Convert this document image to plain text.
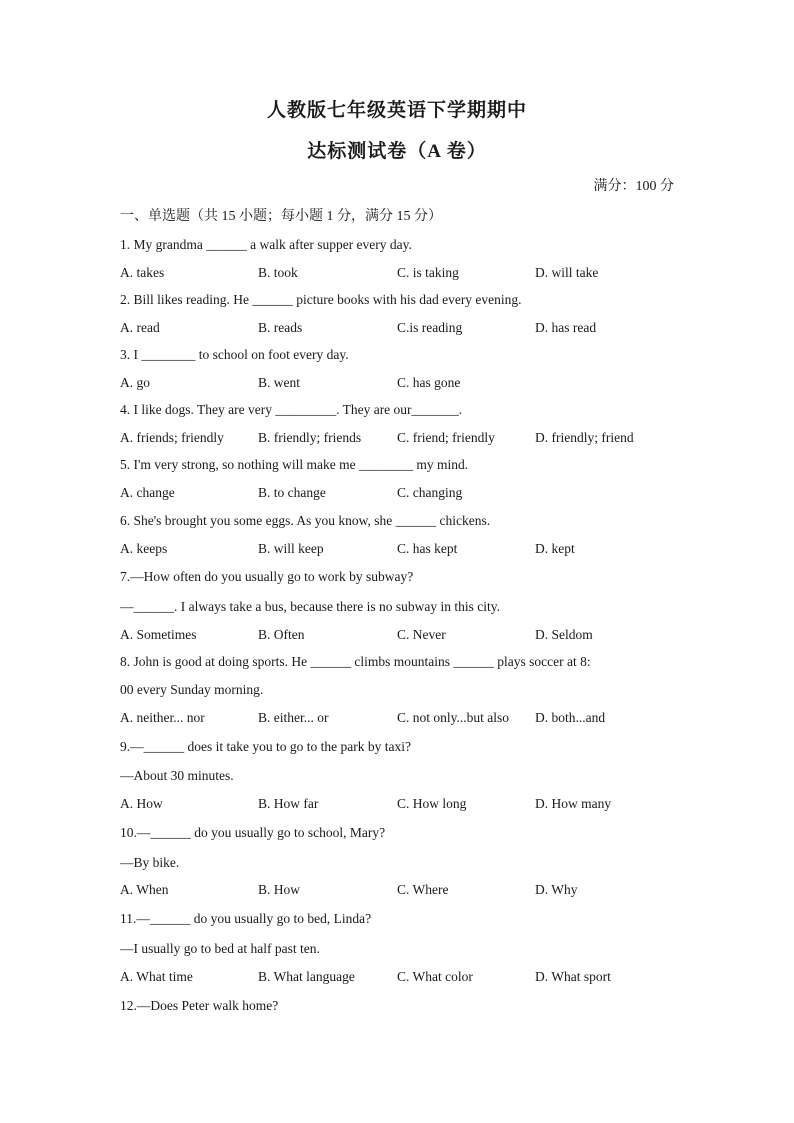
人教版七年级英语下学期期中
达标测试卷（A 卷）
满分：100 分
一、单选题（共 15 小题；每小题 1 分，满分 15 分）
1. My grandma ______ a walk after supper every day.
A. takes	B. took	C. is taking	D. will take
2. Bill likes reading. He ______ picture books with his dad every evening.
A. read	B. reads	C.is reading	D. has read
3. I ________ to school on foot every day.
A. go	B. went	C. has gone
4. I like dogs. They are very _________. They are our_______.
A. friends; friendly	B. friendly; friends	C. friend; friendly	D. friendly; friend
5. I'm very strong, so nothing will make me ________ my mind.
A. change	B. to change	C. changing
6. She's brought you some eggs. As you know, she ______ chickens.
A. keeps	B. will keep	C. has kept	D. kept
7.—How often do you usually go to work by subway?
—______. I always take a bus, because there is no subway in this city.
A. Sometimes	B. Often	C. Never	D. Seldom
8. John is good at doing sports. He ______ climbs mountains ______ plays soccer at 8:
00 every Sunday morning.
A. neither... nor	B. either... or	C. not only...but also D. both...and
9.—______ does it take you to go to the park by taxi?
—About 30 minutes.
A. How	B. How far	C. How long	D. How many
10.—______ do you usually go to school, Mary?
—By bike.
A. When	B. How	C. Where	D. Why
11.—______ do you usually go to bed, Linda?
—I usually go to bed at half past ten.
A. What time	B. What language	C. What color	D. What sport
12.—Does Peter walk home?
